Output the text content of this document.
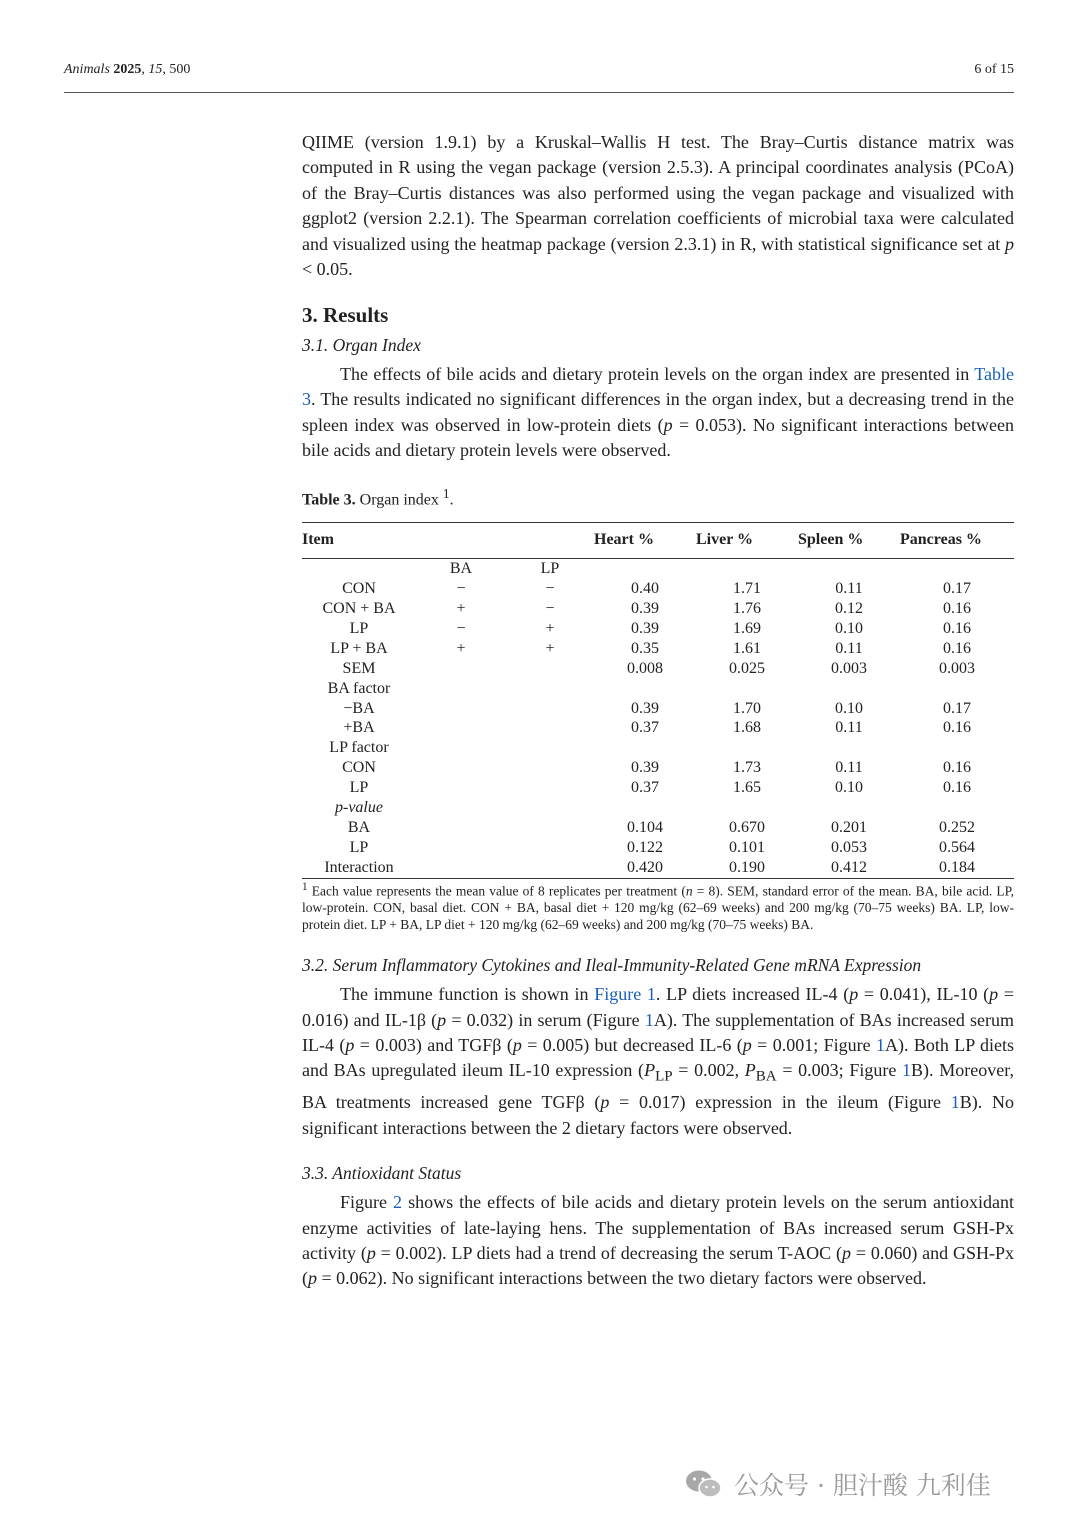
Animals 2025, 15, 500	6 of 15

QIIME (version 1.9.1) by a Kruskal–Wallis H test. The Bray–Curtis distance matrix was computed in R using the vegan package (version 2.5.3). A principal coordinates analysis (PCoA) of the Bray–Curtis distances was also performed using the vegan package and visualized with ggplot2 (version 2.2.1). The Spearman correlation coefficients of microbial taxa were calculated and visualized using the heatmap package (version 2.3.1) in R, with statistical significance set at p < 0.05.

3. Results
3.1. Organ Index

The effects of bile acids and dietary protein levels on the organ index are presented in Table 3. The results indicated no significant differences in the organ index, but a decreasing trend in the spleen index was observed in low-protein diets (p = 0.053). No significant interactions between bile acids and dietary protein levels were observed.

Table 3. Organ index $^1$.
Item			Heart %	Liver %	Spleen %	Pancreas %
	BA	LP				
CON	−	−	0.40	1.71	0.11	0.17
CON + BA	+	−	0.39	1.76	0.12	0.16
LP	−	+	0.39	1.69	0.10	0.16
LP + BA	+	+	0.35	1.61	0.11	0.16
SEM			0.008	0.025	0.003	0.003
BA factor						
−BA			0.39	1.70	0.10	0.17
+BA			0.37	1.68	0.11	0.16
LP factor						
CON			0.39	1.73	0.11	0.16
LP			0.37	1.65	0.10	0.16
p-value						
BA			0.104	0.670	0.201	0.252
LP			0.122	0.101	0.053	0.564
Interaction			0.420	0.190	0.412	0.184

$^1$ Each value represents the mean value of 8 replicates per treatment (n = 8). SEM, standard error of the mean. BA, bile acid. LP, low-protein. CON, basal diet. CON + BA, basal diet + 120 mg/kg (62–69 weeks) and 200 mg/kg (70–75 weeks) BA. LP, low-protein diet. LP + BA, LP diet + 120 mg/kg (62–69 weeks) and 200 mg/kg (70–75 weeks) BA.

3.2. Serum Inflammatory Cytokines and Ileal-Immunity-Related Gene mRNA Expression

The immune function is shown in Figure 1. LP diets increased IL-4 (p = 0.041), IL-10 (p = 0.016) and IL-1β (p = 0.032) in serum (Figure 1A). The supplementation of BAs increased serum IL-4 (p = 0.003) and TGFβ (p = 0.005) but decreased IL-6 (p = 0.001; Figure 1A). Both LP diets and BAs upregulated ileum IL-10 expression ($P_{LP} = 0.002$, $P_{BA} = 0.003$; Figure 1B). Moreover, BA treatments increased gene TGFβ (p = 0.017) expression in the ileum (Figure 1B). No significant interactions between the 2 dietary factors were observed.

3.3. Antioxidant Status

Figure 2 shows the effects of bile acids and dietary protein levels on the serum antioxidant enzyme activities of late-laying hens. The supplementation of BAs increased serum GSH-Px activity (p = 0.002). LP diets had a trend of decreasing the serum T-AOC (p = 0.060) and GSH-Px (p = 0.062). No significant interactions between the two dietary factors were observed.

公众号 · 胆汁酸 九利佳
